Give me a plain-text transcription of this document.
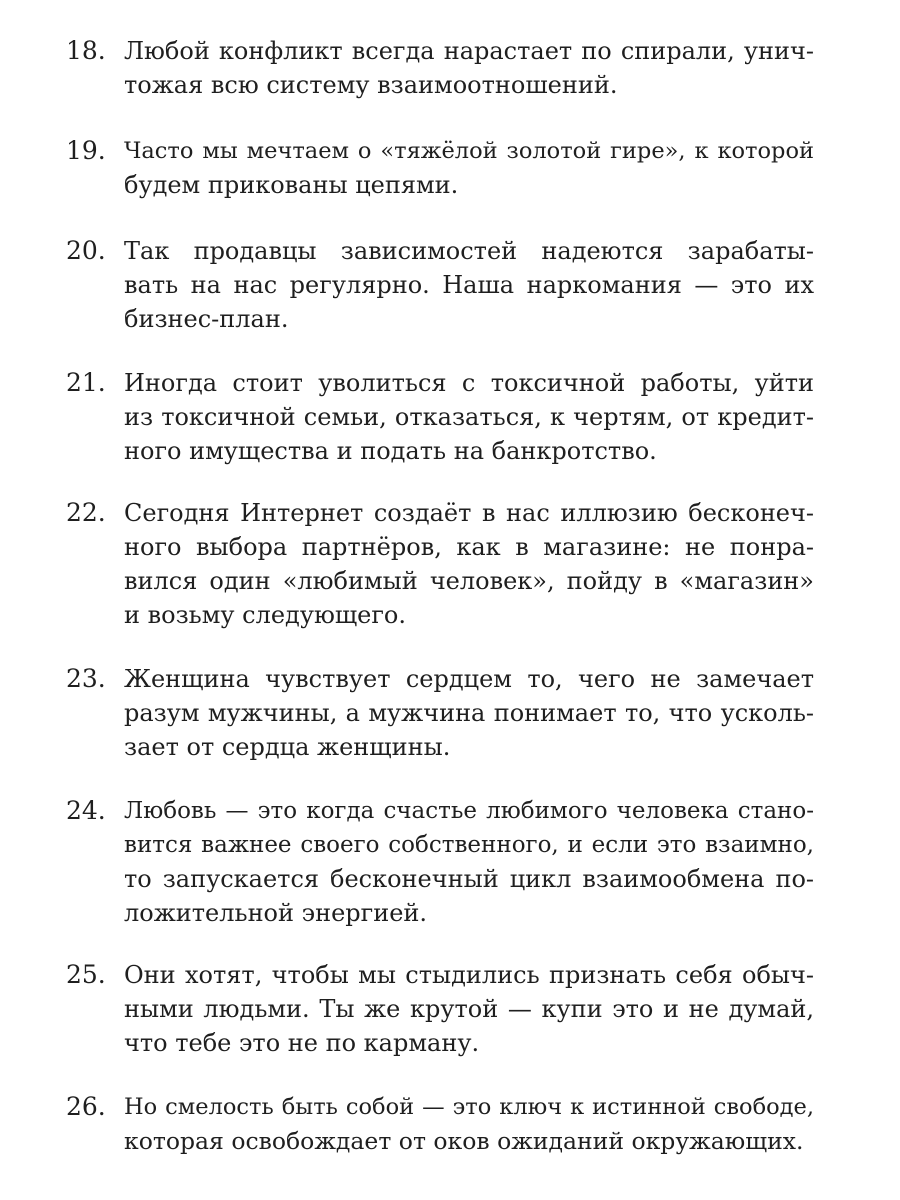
18. Любой конфликт всегда нарастает по спирали, унич-
тожая всю систему взаимоотношений.
19. Часто мы мечтаем о «тяжёлой золотой гире», к которой
будем прикованы цепями.
20. Так продавцы зависимостей надеются зарабаты-
вать на нас регулярно. Наша наркомания — это их
бизнес-план.
21. Иногда стоит уволиться с токсичной работы, уйти
из токсичной семьи, отказаться, к чертям, от кредит-
ного имущества и подать на банкротство.
22. Сегодня Интернет создаёт в нас иллюзию бесконеч-
ного выбора партнёров, как в магазине: не понра-
вился один «любимый человек», пойду в «магазин»
и возьму следующего.
23. Женщина чувствует сердцем то, чего не замечает
разум мужчины, а мужчина понимает то, что усколь-
зает от сердца женщины.
24. Любовь — это когда счастье любимого человека стано-
вится важнее своего собственного, и если это взаимно,
то запускается бесконечный цикл взаимообмена по-
ложительной энергией.
25. Они хотят, чтобы мы стыдились признать себя обыч-
ными людьми. Ты же крутой — купи это и не думай,
что тебе это не по карману.
26. Но смелость быть собой — это ключ к истинной свободе,
которая освобождает от оков ожиданий окружающих.
